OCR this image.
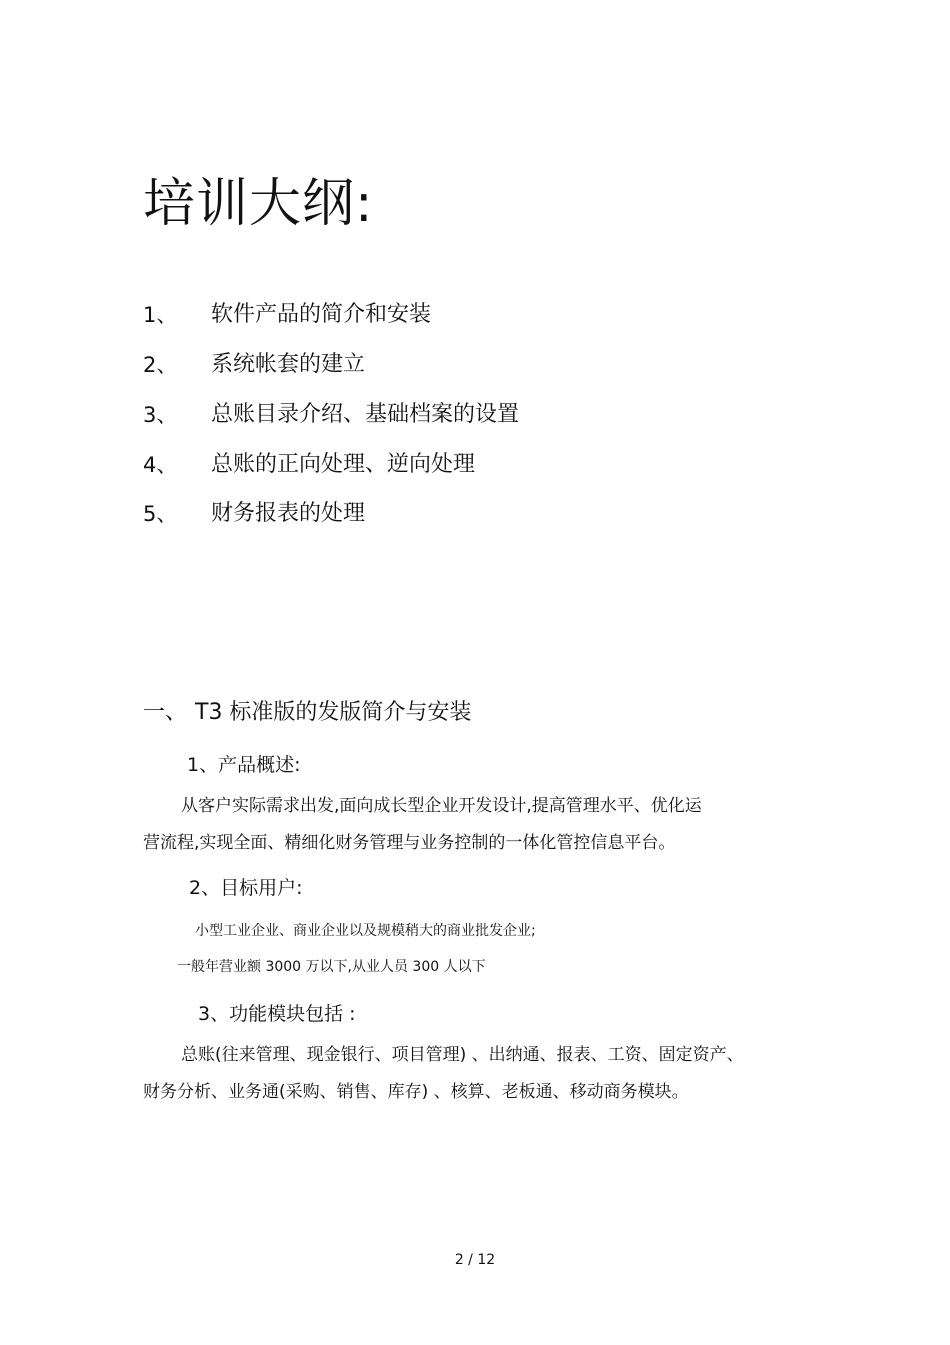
培训大纲:
1、 软件产品的简介和安装
2、 系统帐套的建立
3、 总账目录介绍、基础档案的设置
4、 总账的正向处理、逆向处理
5、 财务报表的处理
一、 T3 标准版的发版简介与安装
1、产品概述:
从客户实际需求出发,面向成长型企业开发设计,提高管理水平、优化运
营流程,实现全面、精细化财务管理与业务控制的一体化管控信息平台。
2、目标用户:
小型工业企业、商业企业以及规模稍大的商业批发企业;
一般年营业额 3000 万以下,从业人员 300 人以下
3、功能模块包括 :
总账(往来管理、现金银行、项目管理) 、出纳通、报表、工资、固定资产、
财务分析、业务通(采购、销售、库存) 、核算、老板通、移动商务模块。
2 / 12
